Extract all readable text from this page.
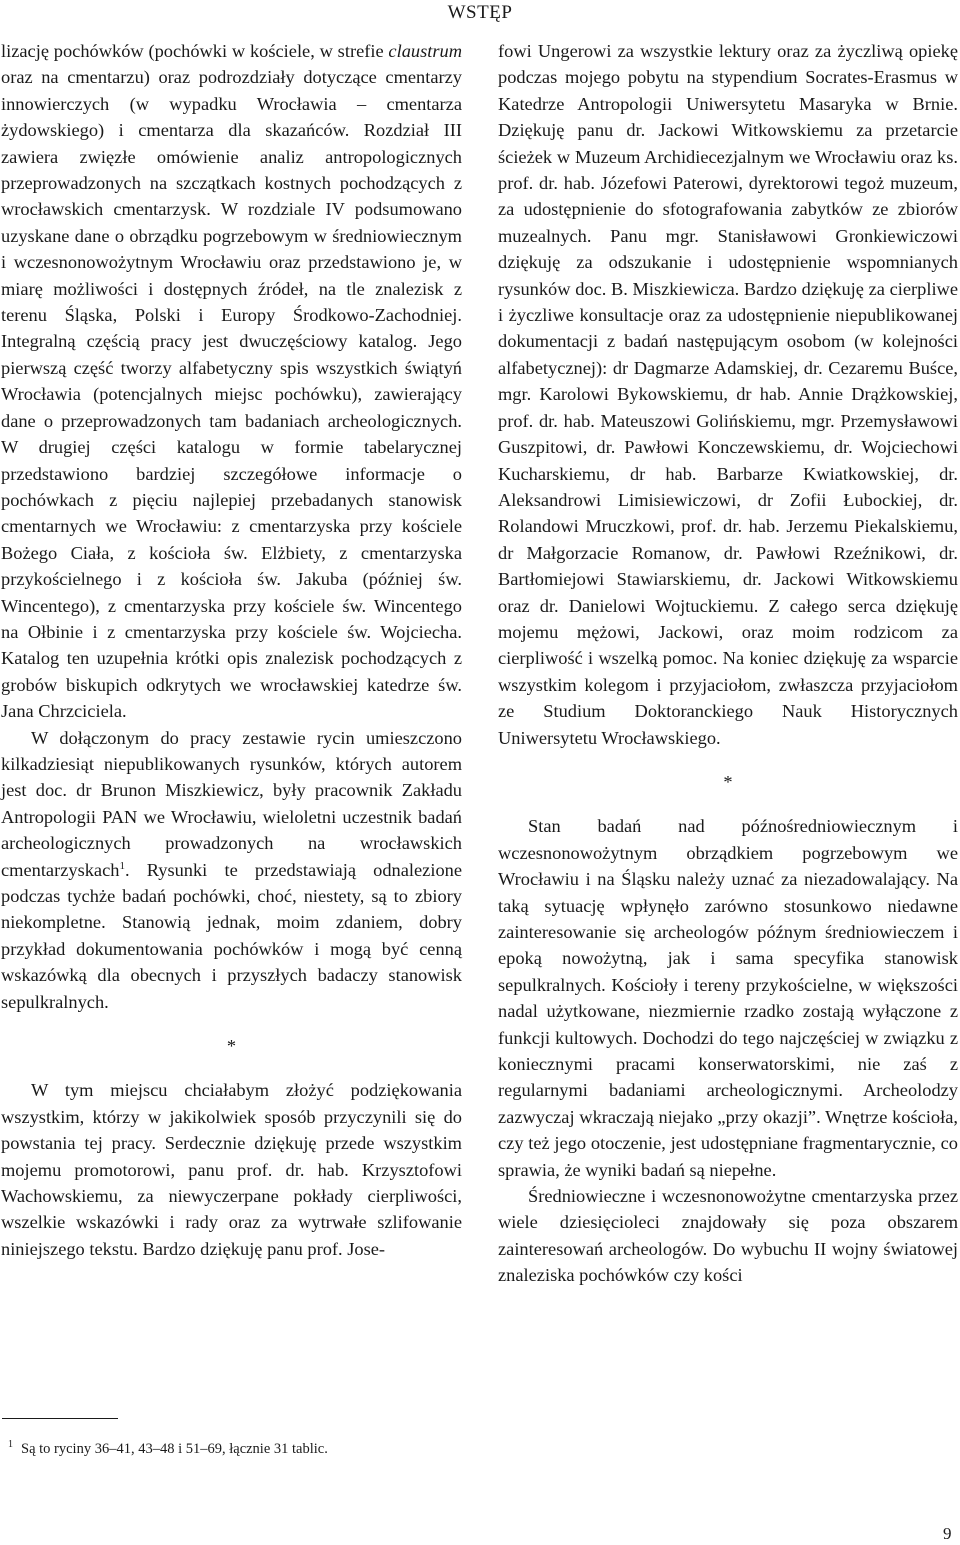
WSTĘP

lizację pochówków (pochówki w kościele, w strefie claustrum oraz na cmentarzu) oraz podrozdziały dotyczące cmentarzy innowierczych (w wypadku Wrocławia – cmentarza żydowskiego) i cmentarza dla skazańców. Rozdział III zawiera zwięzłe omówienie analiz antropologicznych przeprowadzonych na szczątkach kostnych pochodzących z wrocławskich cmentarzysk. W rozdziale IV podsumowano uzyskane dane o obrządku pogrzebowym w średniowiecznym i wczesnonowożytnym Wrocławiu oraz przedstawiono je, w miarę możliwości i dostępnych źródeł, na tle znalezisk z terenu Śląska, Polski i Europy Środkowo-Zachodniej. Integralną częścią pracy jest dwuczęściowy katalog. Jego pierwszą część tworzy alfabetyczny spis wszystkich świątyń Wrocławia (potencjalnych miejsc pochówku), zawierający dane o przeprowadzonych tam badaniach archeologicznych. W drugiej części katalogu w formie tabelarycznej przedstawiono bardziej szczegółowe informacje o pochówkach z pięciu najlepiej przebadanych stanowisk cmentarnych we Wrocławiu: z cmentarzyska przy kościele Bożego Ciała, z kościoła św. Elżbiety, z cmentarzyska przykościelnego i z kościoła św. Jakuba (później św. Wincentego), z cmentarzyska przy kościele św. Wincentego na Ołbinie i z cmentarzyska przy kościele św. Wojciecha. Katalog ten uzupełnia krótki opis znalezisk pochodzących z grobów biskupich odkrytych we wrocławskiej katedrze św. Jana Chrzciciela.

W dołączonym do pracy zestawie rycin umieszczono kilkadziesiąt niepublikowanych rysunków, których autorem jest doc. dr Brunon Miszkiewicz, były pracownik Zakładu Antropologii PAN we Wrocławiu, wieloletni uczestnik badań archeologicznych prowadzonych na wrocławskich cmentarzyskach$^1$. Rysunki te przedstawiają odnalezione podczas tychże badań pochówki, choć, niestety, są to zbiory niekompletne. Stanowią jednak, moim zdaniem, dobry przykład dokumentowania pochówków i mogą być cenną wskazówką dla obecnych i przyszłych badaczy stanowisk sepulkralnych.

*

W tym miejscu chciałabym złożyć podziękowania wszystkim, którzy w jakikolwiek sposób przyczynili się do powstania tej pracy. Serdecznie dziękuję przede wszystkim mojemu promotorowi, panu prof. dr. hab. Krzysztofowi Wachowskiemu, za niewyczerpane pokłady cierpliwości, wszelkie wskazówki i rady oraz za wytrwałe szlifowanie niniejszego tekstu. Bardzo dziękuję panu prof. Jose-

fowi Ungerowi za wszystkie lektury oraz za życzliwą opiekę podczas mojego pobytu na stypendium Socrates-Erasmus w Katedrze Antropologii Uniwersytetu Masaryka w Brnie. Dziękuję panu dr. Jackowi Witkowskiemu za przetarcie ścieżek w Muzeum Archidiecezjalnym we Wrocławiu oraz ks. prof. dr. hab. Józefowi Paterowi, dyrektorowi tegoż muzeum, za udostępnienie do sfotografowania zabytków ze zbiorów muzealnych. Panu mgr. Stanisławowi Gronkiewiczowi dziękuję za odszukanie i udostępnienie wspomnianych rysunków doc. B. Miszkiewicza. Bardzo dziękuję za cierpliwe i życzliwe konsultacje oraz za udostępnienie niepublikowanej dokumentacji z badań następującym osobom (w kolejności alfabetycznej): dr Dagmarze Adamskiej, dr. Cezaremu Buśce, mgr. Karolowi Bykowskiemu, dr hab. Annie Drążkowskiej, prof. dr. hab. Mateuszowi Golińskiemu, mgr. Przemysławowi Guszpitowi, dr. Pawłowi Konczewskiemu, dr. Wojciechowi Kucharskiemu, dr hab. Barbarze Kwiatkowskiej, dr. Aleksandrowi Limisiewiczowi, dr Zofii Łubockiej, dr. Rolandowi Mruczkowi, prof. dr. hab. Jerzemu Piekalskiemu, dr Małgorzacie Romanow, dr. Pawłowi Rzeźnikowi, dr. Bartłomiejowi Stawiarskiemu, dr. Jackowi Witkowskiemu oraz dr. Danielowi Wojtuckiemu. Z całego serca dziękuję mojemu mężowi, Jackowi, oraz moim rodzicom za cierpliwość i wszelką pomoc. Na koniec dziękuję za wsparcie wszystkim kolegom i przyjaciołom, zwłaszcza przyjaciołom ze Studium Doktoranckiego Nauk Historycznych Uniwersytetu Wrocławskiego.

*

Stan badań nad późnośredniowiecznym i wczesnonowożytnym obrządkiem pogrzebowym we Wrocławiu i na Śląsku należy uznać za niezadowalający. Na taką sytuację wpłynęło zarówno stosunkowo niedawne zainteresowanie się archeologów późnym średniowieczem i epoką nowożytną, jak i sama specyfika stanowisk sepulkralnych. Kościoły i tereny przykościelne, w większości nadal użytkowane, niezmiernie rzadko zostają wyłączone z funkcji kultowych. Dochodzi do tego najczęściej w związku z koniecznymi pracami konserwatorskimi, nie zaś z regularnymi badaniami archeologicznymi. Archeolodzy zazwyczaj wkraczają niejako „przy okazji”. Wnętrze kościoła, czy też jego otoczenie, jest udostępniane fragmentarycznie, co sprawia, że wyniki badań są niepełne.

Średniowieczne i wczesnonowożytne cmentarzyska przez wiele dziesięcioleci znajdowały się poza obszarem zainteresowań archeologów. Do wybuchu II wojny światowej znaleziska pochówków czy kości

$^1$ Są to ryciny 36–41, 43–48 i 51–69, łącznie 31 tablic.
9
